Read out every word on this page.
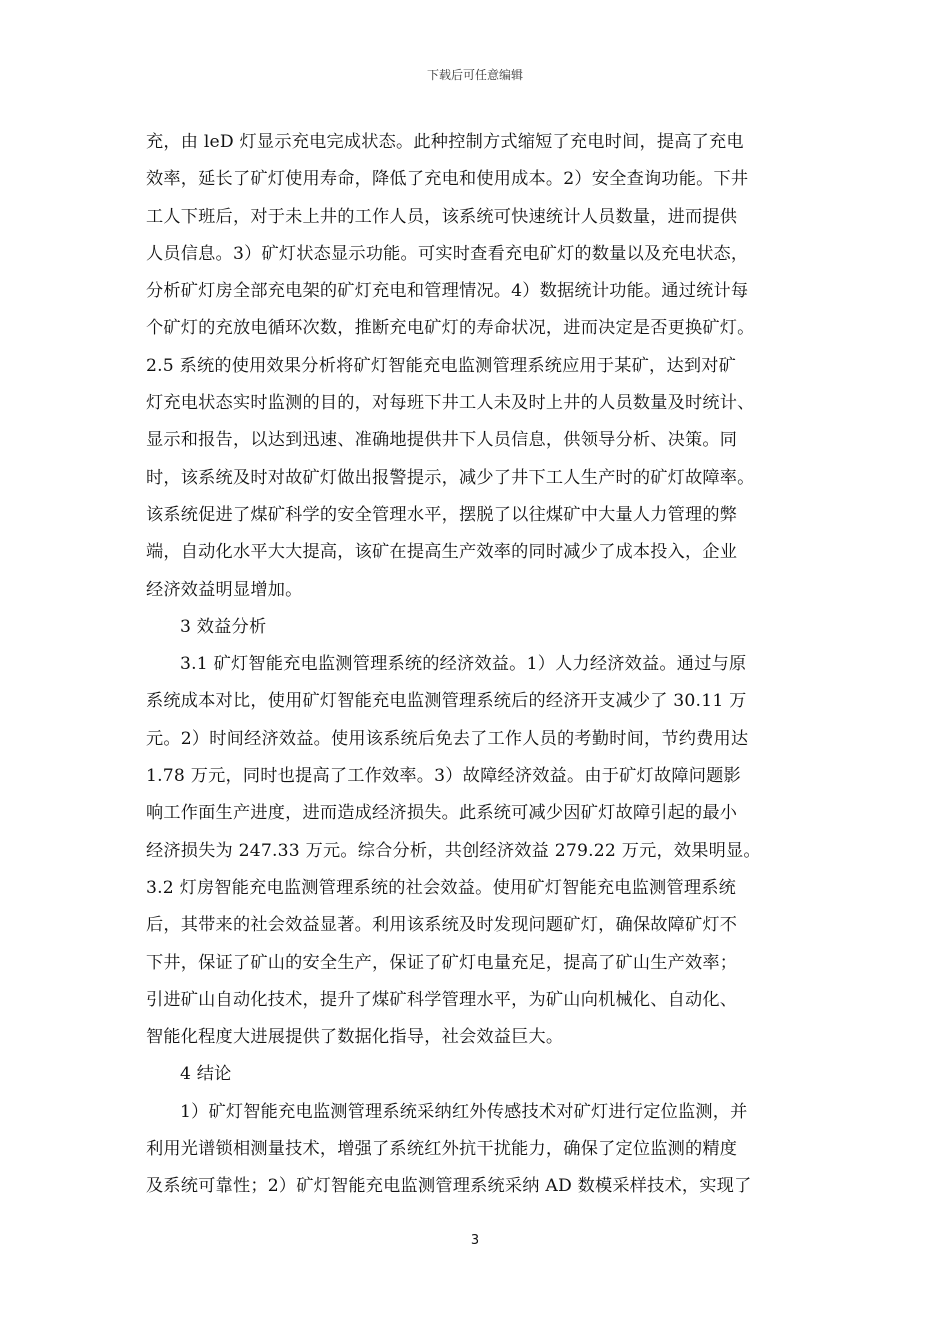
下载后可任意编辑
充，由 leD 灯显示充电完成状态。此种控制方式缩短了充电时间，提高了充电
效率，延长了矿灯使用寿命，降低了充电和使用成本。2）安全查询功能。下井
工人下班后，对于未上井的工作人员，该系统可快速统计人员数量，进而提供
人员信息。3）矿灯状态显示功能。可实时查看充电矿灯的数量以及充电状态，
分析矿灯房全部充电架的矿灯充电和管理情况。4）数据统计功能。通过统计每
个矿灯的充放电循环次数，推断充电矿灯的寿命状况，进而决定是否更换矿灯。
2.5 系统的使用效果分析将矿灯智能充电监测管理系统应用于某矿，达到对矿
灯充电状态实时监测的目的，对每班下井工人未及时上井的人员数量及时统计、
显示和报告，以达到迅速、准确地提供井下人员信息，供领导分析、决策。同
时，该系统及时对故矿灯做出报警提示，减少了井下工人生产时的矿灯故障率。
该系统促进了煤矿科学的安全管理水平，摆脱了以往煤矿中大量人力管理的弊
端，自动化水平大大提高，该矿在提高生产效率的同时减少了成本投入，企业
经济效益明显增加。
3 效益分析
3.1 矿灯智能充电监测管理系统的经济效益。1）人力经济效益。通过与原
系统成本对比，使用矿灯智能充电监测管理系统后的经济开支减少了 30.11 万
元。2）时间经济效益。使用该系统后免去了工作人员的考勤时间，节约费用达
1.78 万元，同时也提高了工作效率。3）故障经济效益。由于矿灯故障问题影
响工作面生产进度，进而造成经济损失。此系统可减少因矿灯故障引起的最小
经济损失为 247.33 万元。综合分析，共创经济效益 279.22 万元，效果明显。
3.2 灯房智能充电监测管理系统的社会效益。使用矿灯智能充电监测管理系统
后，其带来的社会效益显著。利用该系统及时发现问题矿灯，确保故障矿灯不
下井，保证了矿山的安全生产，保证了矿灯电量充足，提高了矿山生产效率；
引进矿山自动化技术，提升了煤矿科学管理水平，为矿山向机械化、自动化、
智能化程度大进展提供了数据化指导，社会效益巨大。
4 结论
1）矿灯智能充电监测管理系统采纳红外传感技术对矿灯进行定位监测，并
利用光谱锁相测量技术，增强了系统红外抗干扰能力，确保了定位监测的精度
及系统可靠性；2）矿灯智能充电监测管理系统采纳 AD 数模采样技术，实现了
3
